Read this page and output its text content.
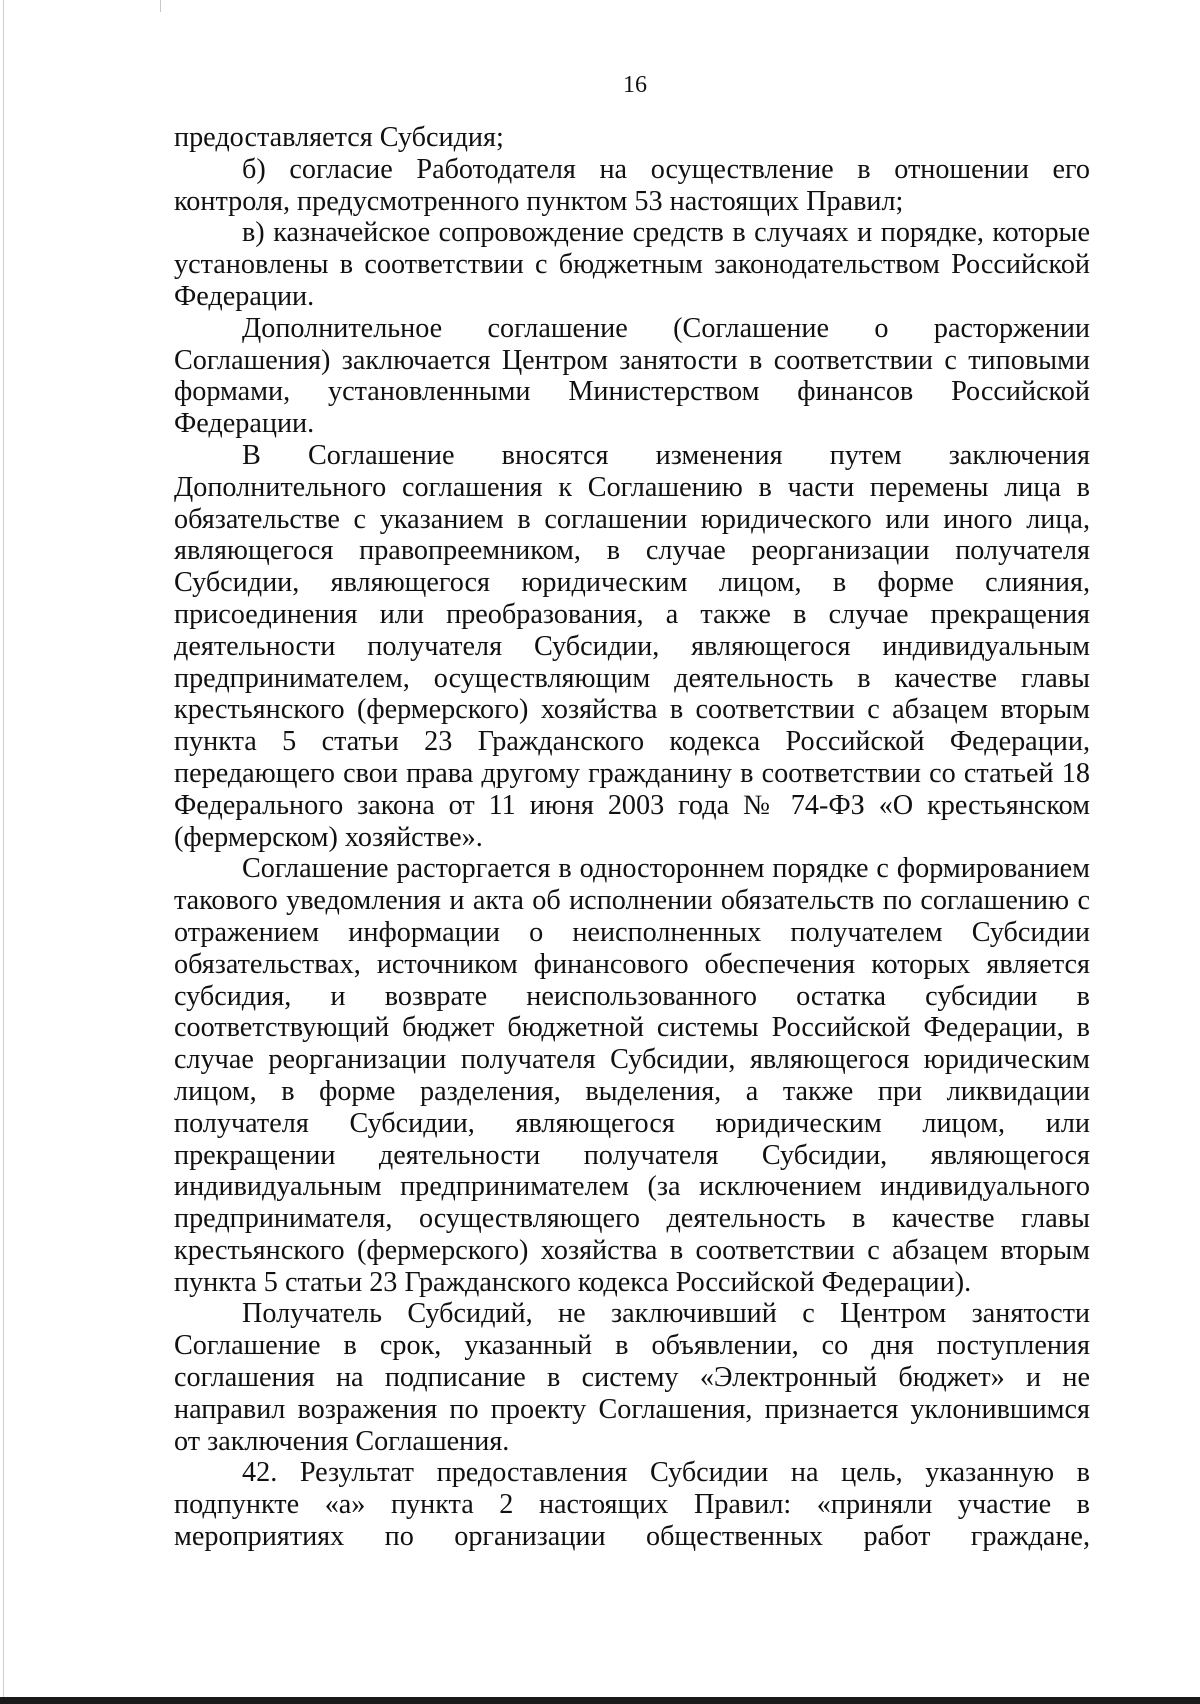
16

предоставляется Субсидия;

б) согласие Работодателя на осуществление в отношении его контроля, предусмотренного пунктом 53 настоящих Правил;

в) казначейское сопровождение средств в случаях и порядке, которые установлены в соответствии с бюджетным законодательством Российской Федерации.

Дополнительное соглашение (Соглашение о расторжении Соглашения) заключается Центром занятости в соответствии с типовыми формами, установленными Министерством финансов Российской Федерации.

В Соглашение вносятся изменения путем заключения Дополнительного соглашения к Соглашению в части перемены лица в обязательстве с указанием в соглашении юридического или иного лица, являющегося правопреемником, в случае реорганизации получателя Субсидии, являющегося юридическим лицом, в форме слияния, присоединения или преобразования, а также в случае прекращения деятельности получателя Субсидии, являющегося индивидуальным предпринимателем, осуществляющим деятельность в качестве главы крестьянского (фермерского) хозяйства в соответствии с абзацем вторым пункта 5 статьи 23 Гражданского кодекса Российской Федерации, передающего свои права другому гражданину в соответствии со статьей 18 Федерального закона от 11 июня 2003 года № 74-ФЗ «О крестьянском (фермерском) хозяйстве».

Соглашение расторгается в одностороннем порядке с формированием такового уведомления и акта об исполнении обязательств по соглашению с отражением информации о неисполненных получателем Субсидии обязательствах, источником финансового обеспечения которых является субсидия, и возврате неиспользованного остатка субсидии в соответствующий бюджет бюджетной системы Российской Федерации, в случае реорганизации получателя Субсидии, являющегося юридическим лицом, в форме разделения, выделения, а также при ликвидации получателя Субсидии, являющегося юридическим лицом, или прекращении деятельности получателя Субсидии, являющегося индивидуальным предпринимателем (за исключением индивидуального предпринимателя, осуществляющего деятельность в качестве главы крестьянского (фермерского) хозяйства в соответствии с абзацем вторым пункта 5 статьи 23 Гражданского кодекса Российской Федерации).

Получатель Субсидий, не заключивший с Центром занятости Соглашение в срок, указанный в объявлении, со дня поступления соглашения на подписание в систему «Электронный бюджет» и не направил возражения по проекту Соглашения, признается уклонившимся от заключения Соглашения.

42. Результат предоставления Субсидии на цель, указанную в подпункте «а» пункта 2 настоящих Правил: «приняли участие в мероприятиях по организации общественных работ граждане,
